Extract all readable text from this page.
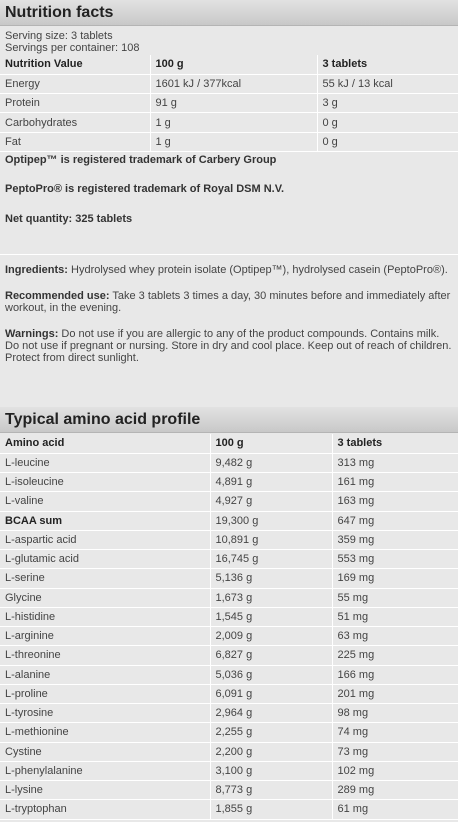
Nutrition facts
Serving size: 3 tablets
Servings per container: 108
Nutrition Value	100 g	3 tablets
Energy	1601 kJ / 377kcal	55 kJ / 13 kcal
Protein	91 g	3 g
Carbohydrates	1 g	0 g
Fat	1 g	0 g
Optipep™ is registered trademark of Carbery Group
PeptoPro® is registered trademark of Royal DSM N.V.
Net quantity: 325 tablets

Ingredients: Hydrolysed whey protein isolate (Optipep™), hydrolysed casein (PeptoPro®).

Recommended use: Take 3 tablets 3 times a day, 30 minutes before and immediately after workout, in the evening.

Warnings: Do not use if you are allergic to any of the product compounds. Contains milk. Do not use if pregnant or nursing. Store in dry and cool place. Keep out of reach of children. Protect from direct sunlight.

Typical amino acid profile
Amino acid	100 g	3 tablets
L-leucine	9,482 g	313 mg
L-isoleucine	4,891 g	161 mg
L-valine	4,927 g	163 mg
BCAA sum	19,300 g	647 mg
L-aspartic acid	10,891 g	359 mg
L-glutamic acid	16,745 g	553 mg
L-serine	5,136 g	169 mg
Glycine	1,673 g	55 mg
L-histidine	1,545 g	51 mg
L-arginine	2,009 g	63 mg
L-threonine	6,827 g	225 mg
L-alanine	5,036 g	166 mg
L-proline	6,091 g	201 mg
L-tyrosine	2,964 g	98 mg
L-methionine	2,255 g	74 mg
Cystine	2,200 g	73 mg
L-phenylalanine	3,100 g	102 mg
L-lysine	8,773 g	289 mg
L-tryptophan	1,855 g	61 mg
